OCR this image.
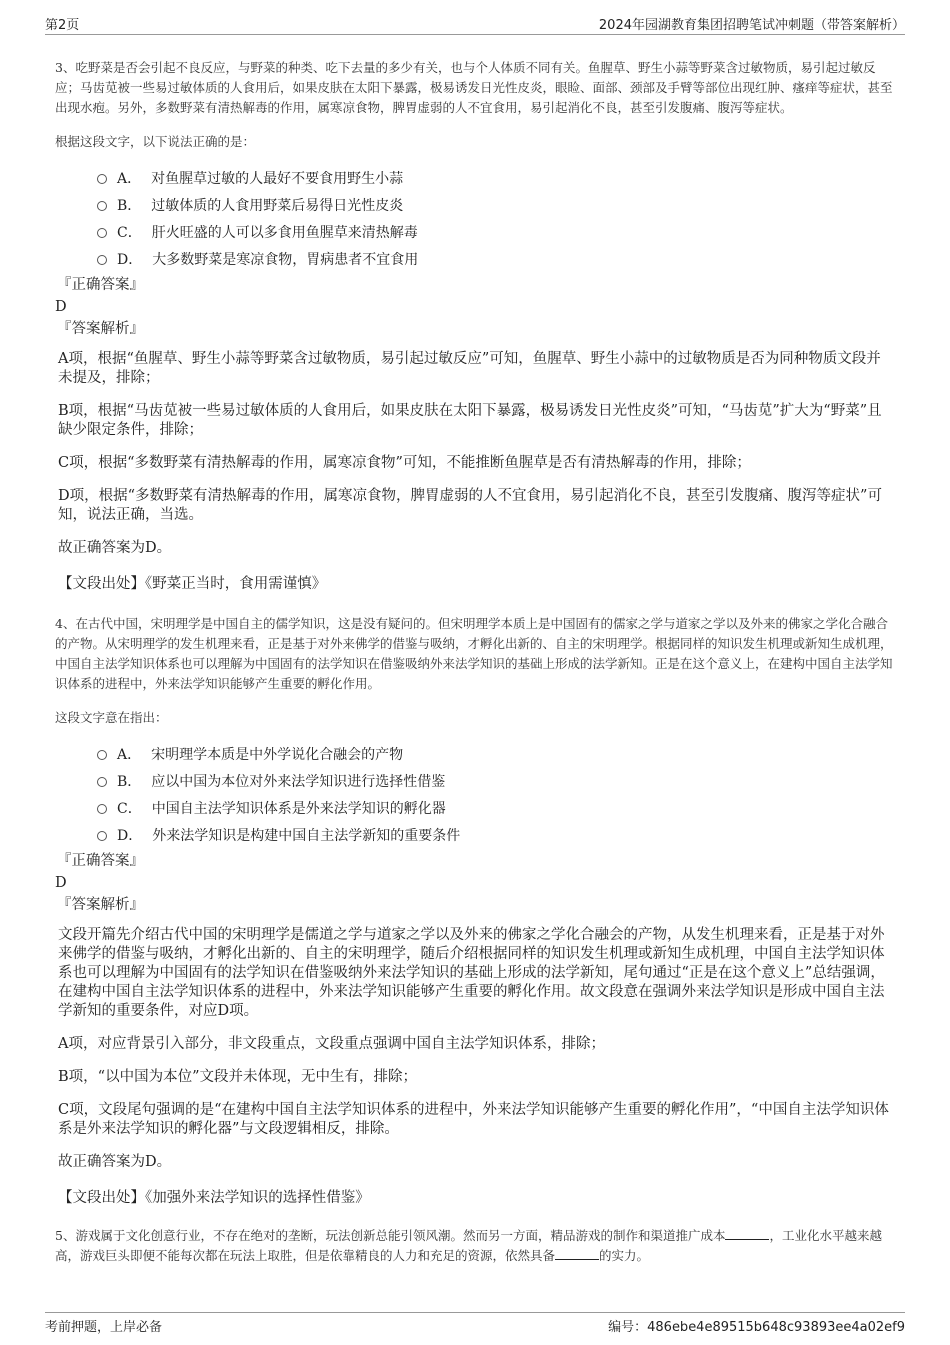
第2页	2024年园湖教育集团招聘笔试冲刺题（带答案解析）

3、吃野菜是否会引起不良反应，与野菜的种类、吃下去量的多少有关，也与个人体质不同有关。鱼腥草、野生小蒜等野菜含过敏物质，易引起过敏反应；马齿苋被一些易过敏体质的人食用后，如果皮肤在太阳下暴露，极易诱发日光性皮炎，眼睑、面部、颈部及手臂等部位出现红肿、瘙痒等症状，甚至出现水疱。另外，多数野菜有清热解毒的作用，属寒凉食物，脾胃虚弱的人不宜食用，易引起消化不良，甚至引发腹痛、腹泻等症状。

根据这段文字，以下说法正确的是：

A． 对鱼腥草过敏的人最好不要食用野生小蒜
B． 过敏体质的人食用野菜后易得日光性皮炎
C． 肝火旺盛的人可以多食用鱼腥草来清热解毒
D． 大多数野菜是寒凉食物，胃病患者不宜食用
『正确答案』
D
『答案解析』

A项，根据“鱼腥草、野生小蒜等野菜含过敏物质，易引起过敏反应”可知，鱼腥草、野生小蒜中的过敏物质是否为同种物质文段并未提及，排除；

B项，根据“马齿苋被一些易过敏体质的人食用后，如果皮肤在太阳下暴露，极易诱发日光性皮炎”可知，“马齿苋”扩大为“野菜”且缺少限定条件，排除；

C项，根据“多数野菜有清热解毒的作用，属寒凉食物”可知，不能推断鱼腥草是否有清热解毒的作用，排除；

D项，根据“多数野菜有清热解毒的作用，属寒凉食物，脾胃虚弱的人不宜食用，易引起消化不良，甚至引发腹痛、腹泻等症状”可知，说法正确，当选。

故正确答案为D。

【文段出处】《野菜正当时，食用需谨慎》

4、在古代中国，宋明理学是中国自主的儒学知识，这是没有疑问的。但宋明理学本质上是中国固有的儒家之学与道家之学以及外来的佛家之学化合融合的产物。从宋明理学的发生机理来看，正是基于对外来佛学的借鉴与吸纳，才孵化出新的、自主的宋明理学。根据同样的知识发生机理或新知生成机理，中国自主法学知识体系也可以理解为中国固有的法学知识在借鉴吸纳外来法学知识的基础上形成的法学新知。正是在这个意义上，在建构中国自主法学知识体系的进程中，外来法学知识能够产生重要的孵化作用。

这段文字意在指出：

A． 宋明理学本质是中外学说化合融会的产物
B． 应以中国为本位对外来法学知识进行选择性借鉴
C． 中国自主法学知识体系是外来法学知识的孵化器
D． 外来法学知识是构建中国自主法学新知的重要条件
『正确答案』
D
『答案解析』

文段开篇先介绍古代中国的宋明理学是儒道之学与道家之学以及外来的佛家之学化合融会的产物，从发生机理来看，正是基于对外来佛学的借鉴与吸纳，才孵化出新的、自主的宋明理学，随后介绍根据同样的知识发生机理或新知生成机理，中国自主法学知识体系也可以理解为中国固有的法学知识在借鉴吸纳外来法学知识的基础上形成的法学新知，尾句通过“正是在这个意义上”总结强调，在建构中国自主法学知识体系的进程中，外来法学知识能够产生重要的孵化作用。故文段意在强调外来法学知识是形成中国自主法学新知的重要条件，对应D项。

A项，对应背景引入部分，非文段重点，文段重点强调中国自主法学知识体系，排除；

B项，“以中国为本位”文段并未体现，无中生有，排除；

C项，文段尾句强调的是“在建构中国自主法学知识体系的进程中，外来法学知识能够产生重要的孵化作用”，“中国自主法学知识体系是外来法学知识的孵化器”与文段逻辑相反，排除。

故正确答案为D。

【文段出处】《加强外来法学知识的选择性借鉴》

5、游戏属于文化创意行业，不存在绝对的垄断，玩法创新总能引领风潮。然而另一方面，精品游戏的制作和渠道推广成本	，工业化水平越来越高，游戏巨头即便不能每次都在玩法上取胜，但是依靠精良的人力和充足的资源，依然具备	的实力。

考前押题，上岸必备	编号：486ebe4e89515b648c93893ee4a02ef9
